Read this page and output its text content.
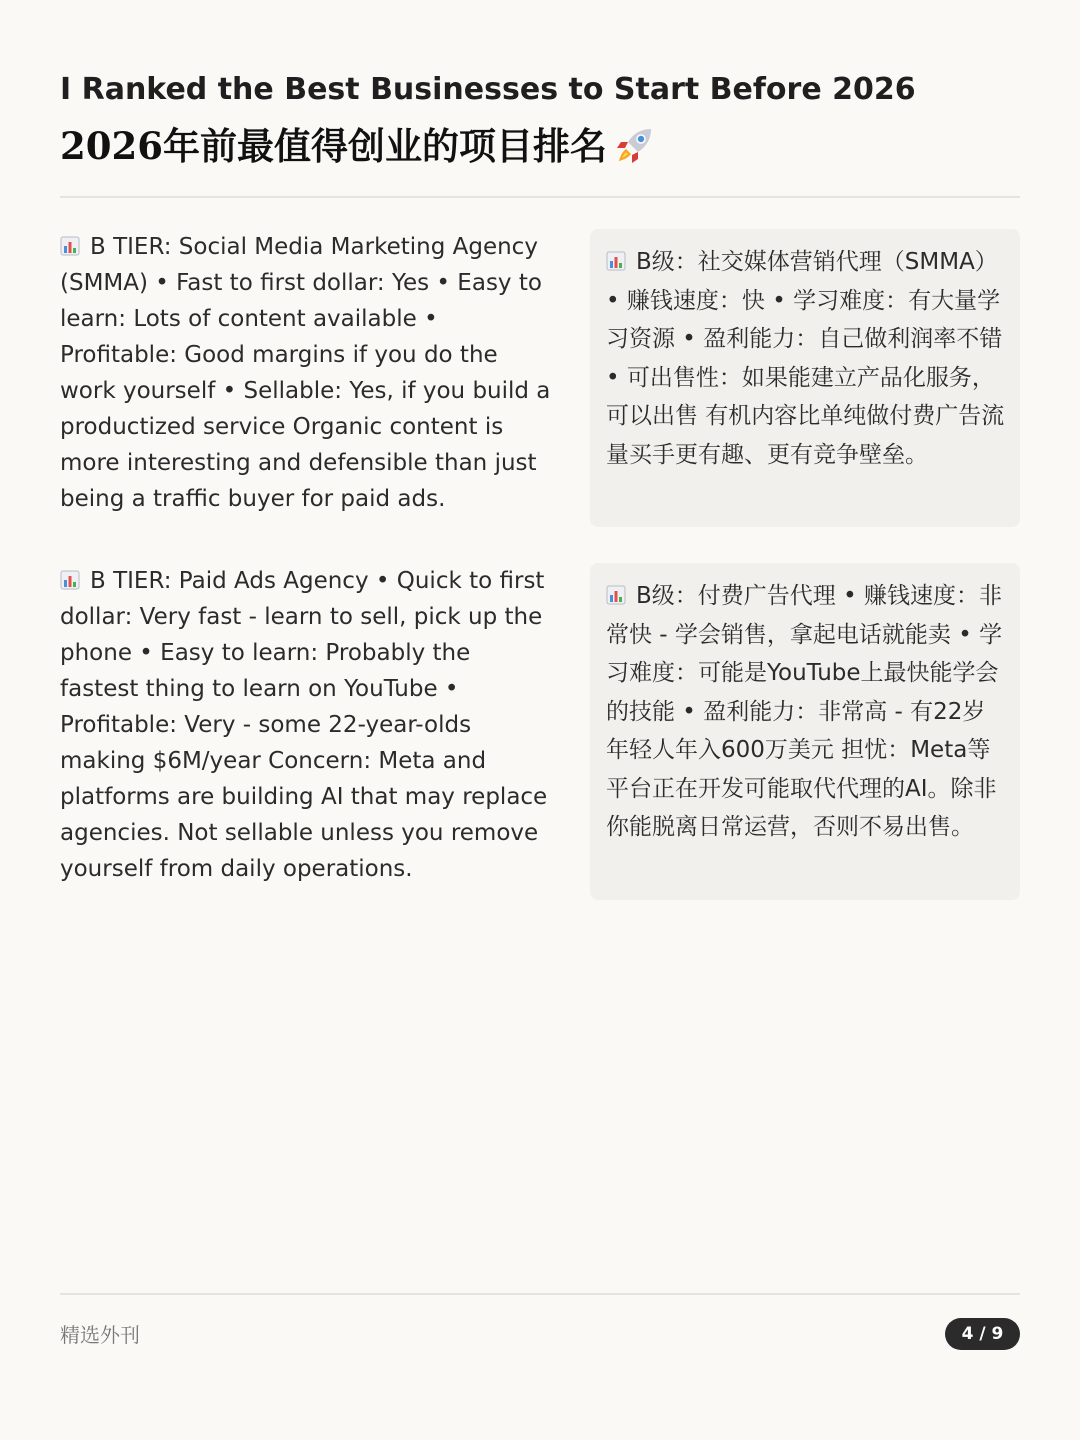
I Ranked the Best Businesses to Start Before 2026
2026年前最值得创业的项目排名
B TIER: Social Media Marketing Agency (SMMA) • Fast to first dollar: Yes • Easy to learn: Lots of content available • Profitable: Good margins if you do the work yourself • Sellable: Yes, if you build a productized service Organic content is more interesting and defensible than just being a traffic buyer for paid ads.
B级：社交媒体营销代理（SMMA） • 赚钱速度：快 • 学习难度：有大量学习资源 • 盈利能力：自己做利润率不错 • 可出售性：如果能建立产品化服务，可以出售 有机内容比单纯做付费广告流量买手更有趣、更有竞争壁垒。
B TIER: Paid Ads Agency • Quick to first dollar: Very fast - learn to sell, pick up the phone • Easy to learn: Probably the fastest thing to learn on YouTube • Profitable: Very - some 22-year-olds making $6M/year Concern: Meta and platforms are building AI that may replace agencies. Not sellable unless you remove yourself from daily operations.
B级：付费广告代理 • 赚钱速度：非常快 - 学会销售，拿起电话就能卖 • 学习难度：可能是YouTube上最快能学会的技能 • 盈利能力：非常高 - 有22岁年轻人年入600万美元 担忧：Meta等平台正在开发可能取代代理的AI。除非你能脱离日常运营，否则不易出售。
精选外刊	4 / 9
